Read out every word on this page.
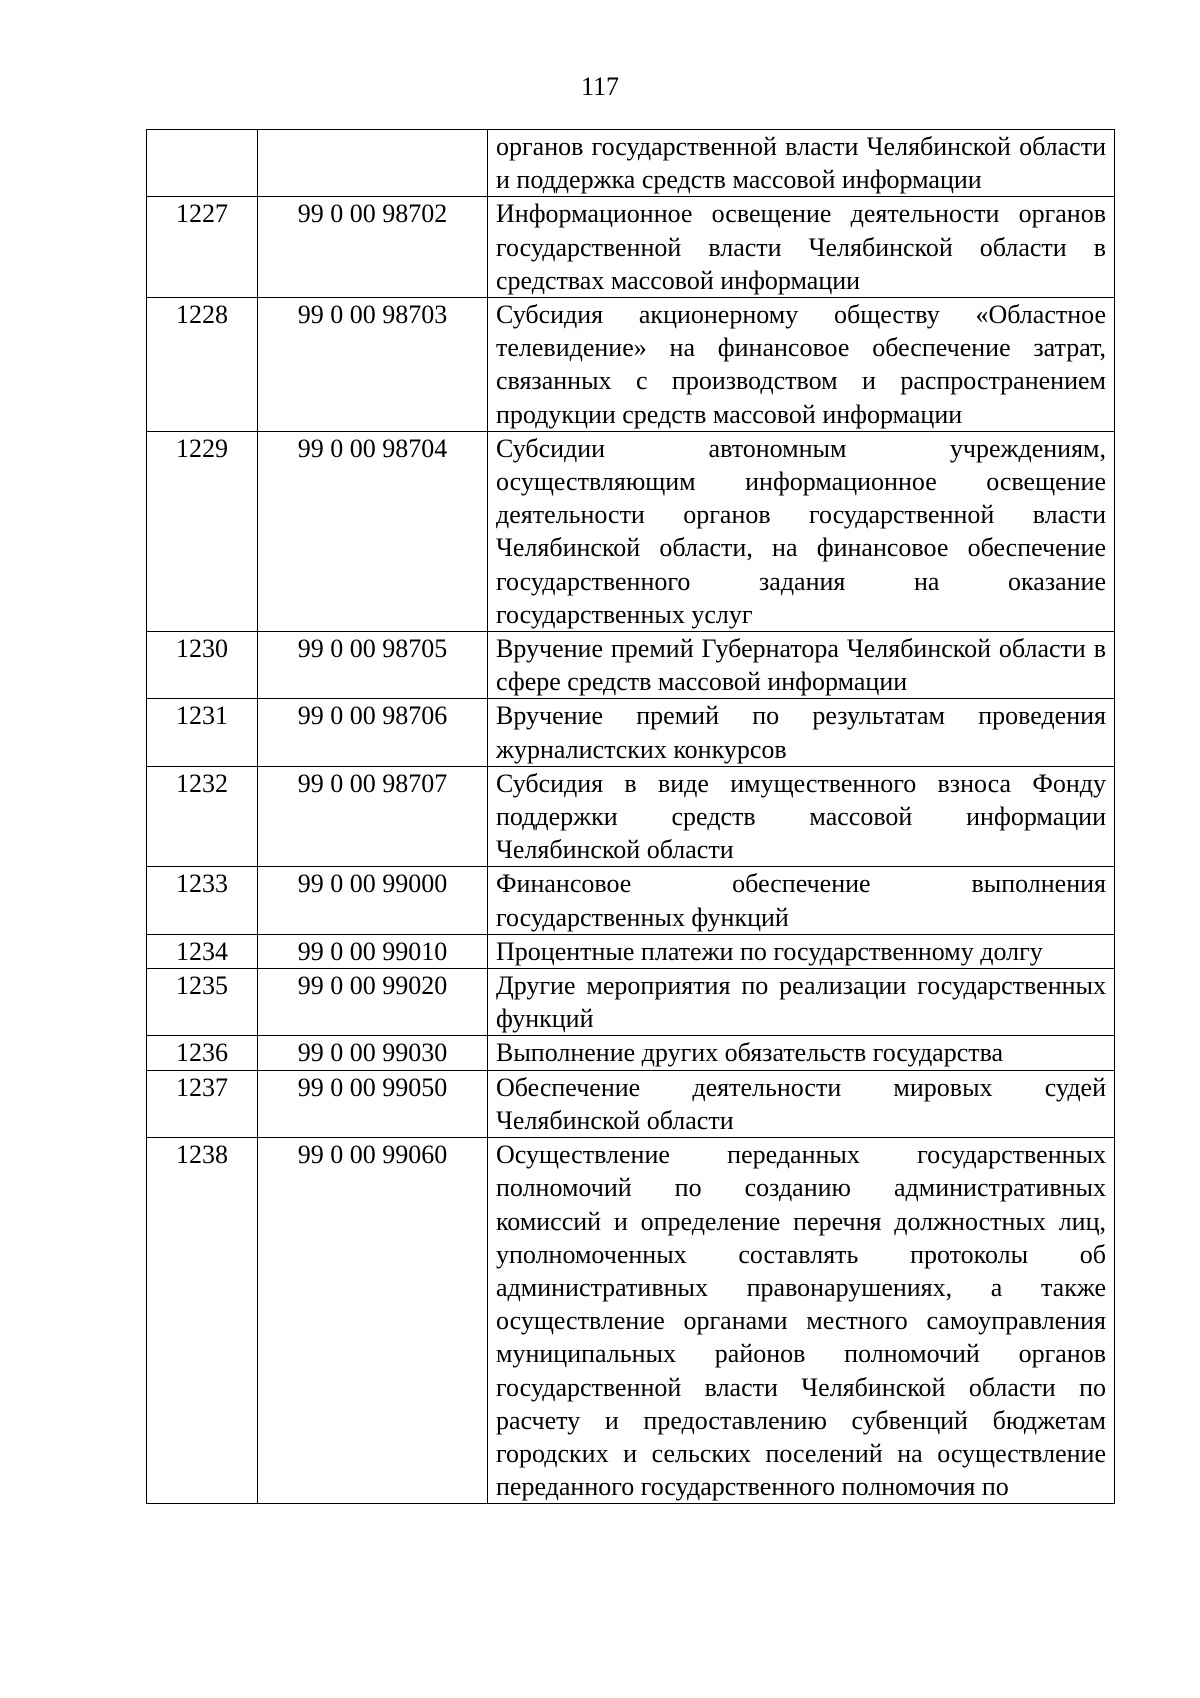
117
		органов государственной власти Челябинской области и поддержка средств массовой информации
1227	99 0 00 98702	Информационное освещение деятельности органов государственной власти Челябинской области в средствах массовой информации
1228	99 0 00 98703	Субсидия акционерному обществу «Областное телевидение» на финансовое обеспечение затрат, связанных с производством и распространением продукции средств массовой информации
1229	99 0 00 98704	Субсидии автономным учреждениям, осуществляющим информационное освещение деятельности органов государственной власти Челябинской области, на финансовое обеспечение государственного задания на оказание государственных услуг
1230	99 0 00 98705	Вручение премий Губернатора Челябинской области в сфере средств массовой информации
1231	99 0 00 98706	Вручение премий по результатам проведения журналистских конкурсов
1232	99 0 00 98707	Субсидия в виде имущественного взноса Фонду поддержки средств массовой информации Челябинской области
1233	99 0 00 99000	Финансовое обеспечение выполнения государственных функций
1234	99 0 00 99010	Процентные платежи по государственному долгу
1235	99 0 00 99020	Другие мероприятия по реализации государственных функций
1236	99 0 00 99030	Выполнение других обязательств государства
1237	99 0 00 99050	Обеспечение деятельности мировых судей Челябинской области
1238	99 0 00 99060	Осуществление переданных государственных полномочий по созданию административных комиссий и определение перечня должностных лиц, уполномоченных составлять протоколы об административных правонарушениях, а также осуществление органами местного самоуправления муниципальных районов полномочий органов государственной власти Челябинской области по расчету и предоставлению субвенций бюджетам городских и сельских поселений на осуществление переданного государственного полномочия по
